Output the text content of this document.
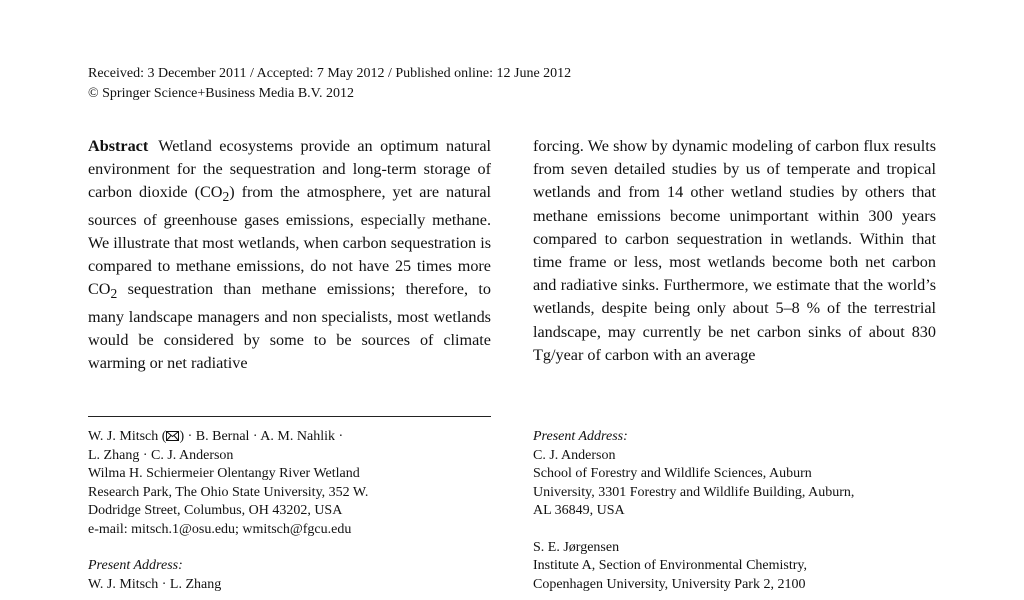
Received: 3 December 2011 / Accepted: 7 May 2012 / Published online: 12 June 2012
© Springer Science+Business Media B.V. 2012
Abstract Wetland ecosystems provide an optimum natural environment for the sequestration and long-term storage of carbon dioxide $(CO_2)$ from the atmosphere, yet are natural sources of greenhouse gases emissions, especially methane. We illustrate that most wetlands, when carbon sequestration is compared to methane emissions, do not have 25 times more $CO_2$ sequestration than methane emissions; therefore, to many landscape managers and non specialists, most wetlands would be considered by some to be sources of climate warming or net radiative
forcing. We show by dynamic modeling of carbon flux results from seven detailed studies by us of temperate and tropical wetlands and from 14 other wetland studies by others that methane emissions become unimportant within 300 years compared to carbon sequestration in wetlands. Within that time frame or less, most wetlands become both net carbon and radiative sinks. Furthermore, we estimate that the world’s wetlands, despite being only about 5–8 % of the terrestrial landscape, may currently be net carbon sinks of about 830 Tg/year of carbon with an average

W. J. Mitsch ( ) · B. Bernal · A. M. Nahlik ·

L. Zhang · C. J. Anderson

Wilma H. Schiermeier Olentangy River Wetland

Research Park, The Ohio State University, 352 W.

Dodridge Street, Columbus, OH 43202, USA

e-mail: mitsch.1@osu.edu; wmitsch@fgcu.edu

Present Address:

W. J. Mitsch · L. Zhang

Present Address:

C. J. Anderson

School of Forestry and Wildlife Sciences, Auburn

University, 3301 Forestry and Wildlife Building, Auburn,

AL 36849, USA

S. E. Jørgensen

Institute A, Section of Environmental Chemistry,

Copenhagen University, University Park 2, 2100
